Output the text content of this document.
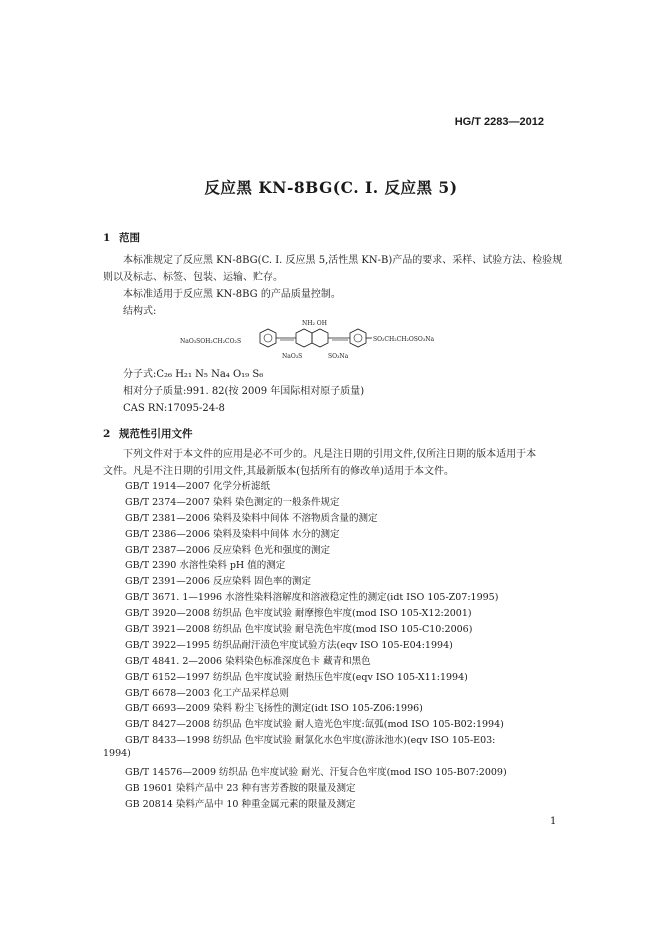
HG/T 2283—2012
反应黑 KN-8BG(C. I. 反应黑 5)
1 范围
本标准规定了反应黑 KN-8BG(C. I. 反应黑 5,活性黑 KN-B)产品的要求、采样、试验方法、检验规
则以及标志、标签、包装、运输、贮存。
本标准适用于反应黑 KN-8BG 的产品质量控制。
结构式:
NaO₃SOH₂CH₂CO₂S
NH₂ OH
NaO₃S	SO₃Na
SO₂CH₂CH₂OSO₃Na
分子式:C₂₆ H₂₁ N₅ Na₄ O₁₉ S₆
相对分子质量:991. 82(按 2009 年国际相对原子质量)
CAS RN:17095-24-8
2 规范性引用文件
下列文件对于本文件的应用是必不可少的。凡是注日期的引用文件,仅所注日期的版本适用于本
文件。凡是不注日期的引用文件,其最新版本(包括所有的修改单)适用于本文件。
GB/T 1914—2007 化学分析滤纸
GB/T 2374—2007 染料 染色测定的一般条件规定
GB/T 2381—2006 染料及染料中间体 不溶物质含量的测定
GB/T 2386—2006 染料及染料中间体 水分的测定
GB/T 2387—2006 反应染料 色光和强度的测定
GB/T 2390 水溶性染料 pH 值的测定
GB/T 2391—2006 反应染料 固色率的测定
GB/T 3671. 1—1996 水溶性染料溶解度和溶液稳定性的测定(idt ISO 105-Z07:1995)
GB/T 3920—2008 纺织品 色牢度试验 耐摩擦色牢度(mod ISO 105-X12:2001)
GB/T 3921—2008 纺织品 色牢度试验 耐皂洗色牢度(mod ISO 105-C10:2006)
GB/T 3922—1995 纺织品耐汗渍色牢度试验方法(eqv ISO 105-E04:1994)
GB/T 4841. 2—2006 染料染色标准深度色卡 藏青和黑色
GB/T 6152—1997 纺织品 色牢度试验 耐热压色牢度(eqv ISO 105-X11:1994)
GB/T 6678—2003 化工产品采样总则
GB/T 6693—2009 染料 粉尘飞扬性的测定(idt ISO 105-Z06:1996)
GB/T 8427—2008 纺织品 色牢度试验 耐人造光色牢度:氙弧(mod ISO 105-B02:1994)
GB/T 8433—1998 纺织品 色牢度试验 耐氯化水色牢度(游泳池水)(eqv ISO 105-E03:
1994)
GB/T 14576—2009 纺织品 色牢度试验 耐光、汗复合色牢度(mod ISO 105-B07:2009)
GB 19601 染料产品中 23 种有害芳香胺的限量及测定
GB 20814 染料产品中 10 种重金属元素的限量及测定
1
